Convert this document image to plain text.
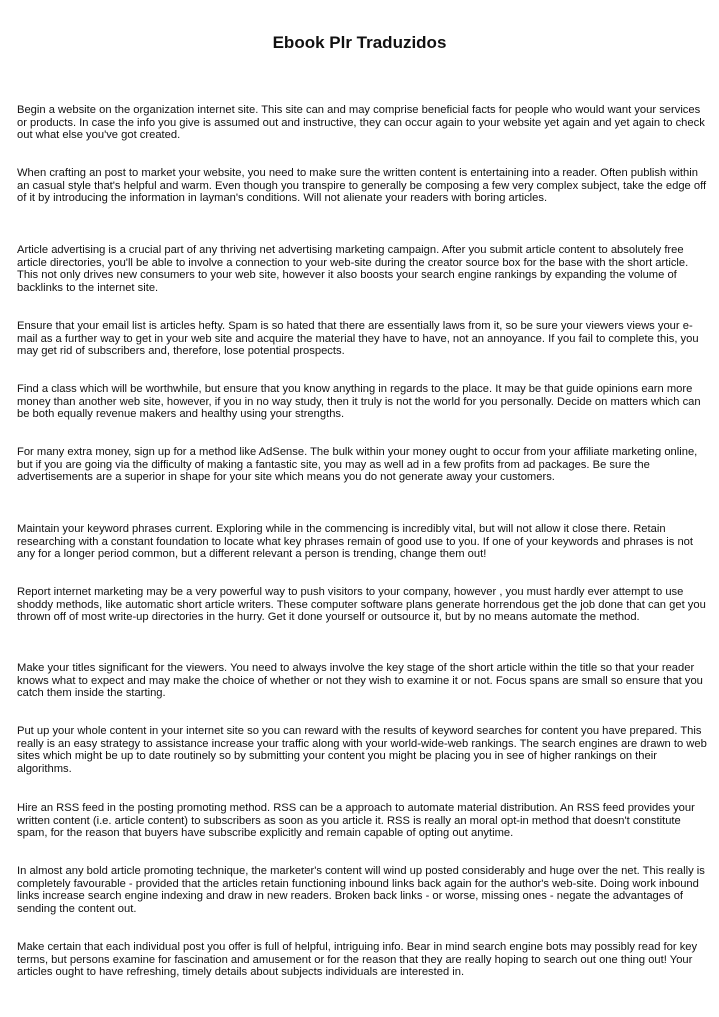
Ebook Plr Traduzidos

Begin a website on the organization internet site. This site can and may comprise beneficial facts for people who would want your services or products. In case the info you give is assumed out and instructive, they can occur again to your website yet again and yet again to check out what else you've got created.

When crafting an post to market your website, you need to make sure the written content is entertaining into a reader. Often publish within an casual style that's helpful and warm. Even though you transpire to generally be composing a few very complex subject, take the edge off of it by introducing the information in layman's conditions. Will not alienate your readers with boring articles.

Article advertising is a crucial part of any thriving net advertising marketing campaign. After you submit article content to absolutely free article directories, you'll be able to involve a connection to your web-site during the creator source box for the base with the short article. This not only drives new consumers to your web site, however it also boosts your search engine rankings by expanding the volume of backlinks to the internet site.

Ensure that your email list is articles hefty. Spam is so hated that there are essentially laws from it, so be sure your viewers views your e-mail as a further way to get in your web site and acquire the material they have to have, not an annoyance. If you fail to complete this, you may get rid of subscribers and, therefore, lose potential prospects.

Find a class which will be worthwhile, but ensure that you know anything in regards to the place. It may be that guide opinions earn more money than another web site, however, if you in no way study, then it truly is not the world for you personally. Decide on matters which can be both equally revenue makers and healthy using your strengths.

For many extra money, sign up for a method like AdSense. The bulk within your money ought to occur from your affiliate marketing online, but if you are going via the difficulty of making a fantastic site, you may as well ad in a few profits from ad packages. Be sure the advertisements are a superior in shape for your site which means you do not generate away your customers.

Maintain your keyword phrases current. Exploring while in the commencing is incredibly vital, but will not allow it close there. Retain researching with a constant foundation to locate what key phrases remain of good use to you. If one of your keywords and phrases is not any for a longer period common, but a different relevant a person is trending, change them out!

Report internet marketing may be a very powerful way to push visitors to your company, however , you must hardly ever attempt to use shoddy methods, like automatic short article writers. These computer software plans generate horrendous get the job done that can get you thrown off of most write-up directories in the hurry. Get it done yourself or outsource it, but by no means automate the method.

Make your titles significant for the viewers. You need to always involve the key stage of the short article within the title so that your reader knows what to expect and may make the choice of whether or not they wish to examine it or not. Focus spans are small so ensure that you catch them inside the starting.

Put up your whole content in your internet site so you can reward with the results of keyword searches for content you have prepared. This really is an easy strategy to assistance increase your traffic along with your world-wide-web rankings. The search engines are drawn to web sites which might be up to date routinely so by submitting your content you might be placing you in see of higher rankings on their algorithms.

Hire an RSS feed in the posting promoting method. RSS can be a approach to automate material distribution. An RSS feed provides your written content (i.e. article content) to subscribers as soon as you article it. RSS is really an moral opt-in method that doesn't constitute spam, for the reason that buyers have subscribe explicitly and remain capable of opting out anytime.

In almost any bold article promoting technique, the marketer's content will wind up posted considerably and huge over the net. This really is completely favourable - provided that the articles retain functioning inbound links back again for the author's web-site. Doing work inbound links increase search engine indexing and draw in new readers. Broken back links - or worse, missing ones - negate the advantages of sending the content out.

Make certain that each individual post you offer is full of helpful, intriguing info. Bear in mind search engine bots may possibly read for key terms, but persons examine for fascination and amusement or for the reason that they are really hoping to search out one thing out! Your articles ought to have refreshing, timely details about subjects individuals are interested in.
